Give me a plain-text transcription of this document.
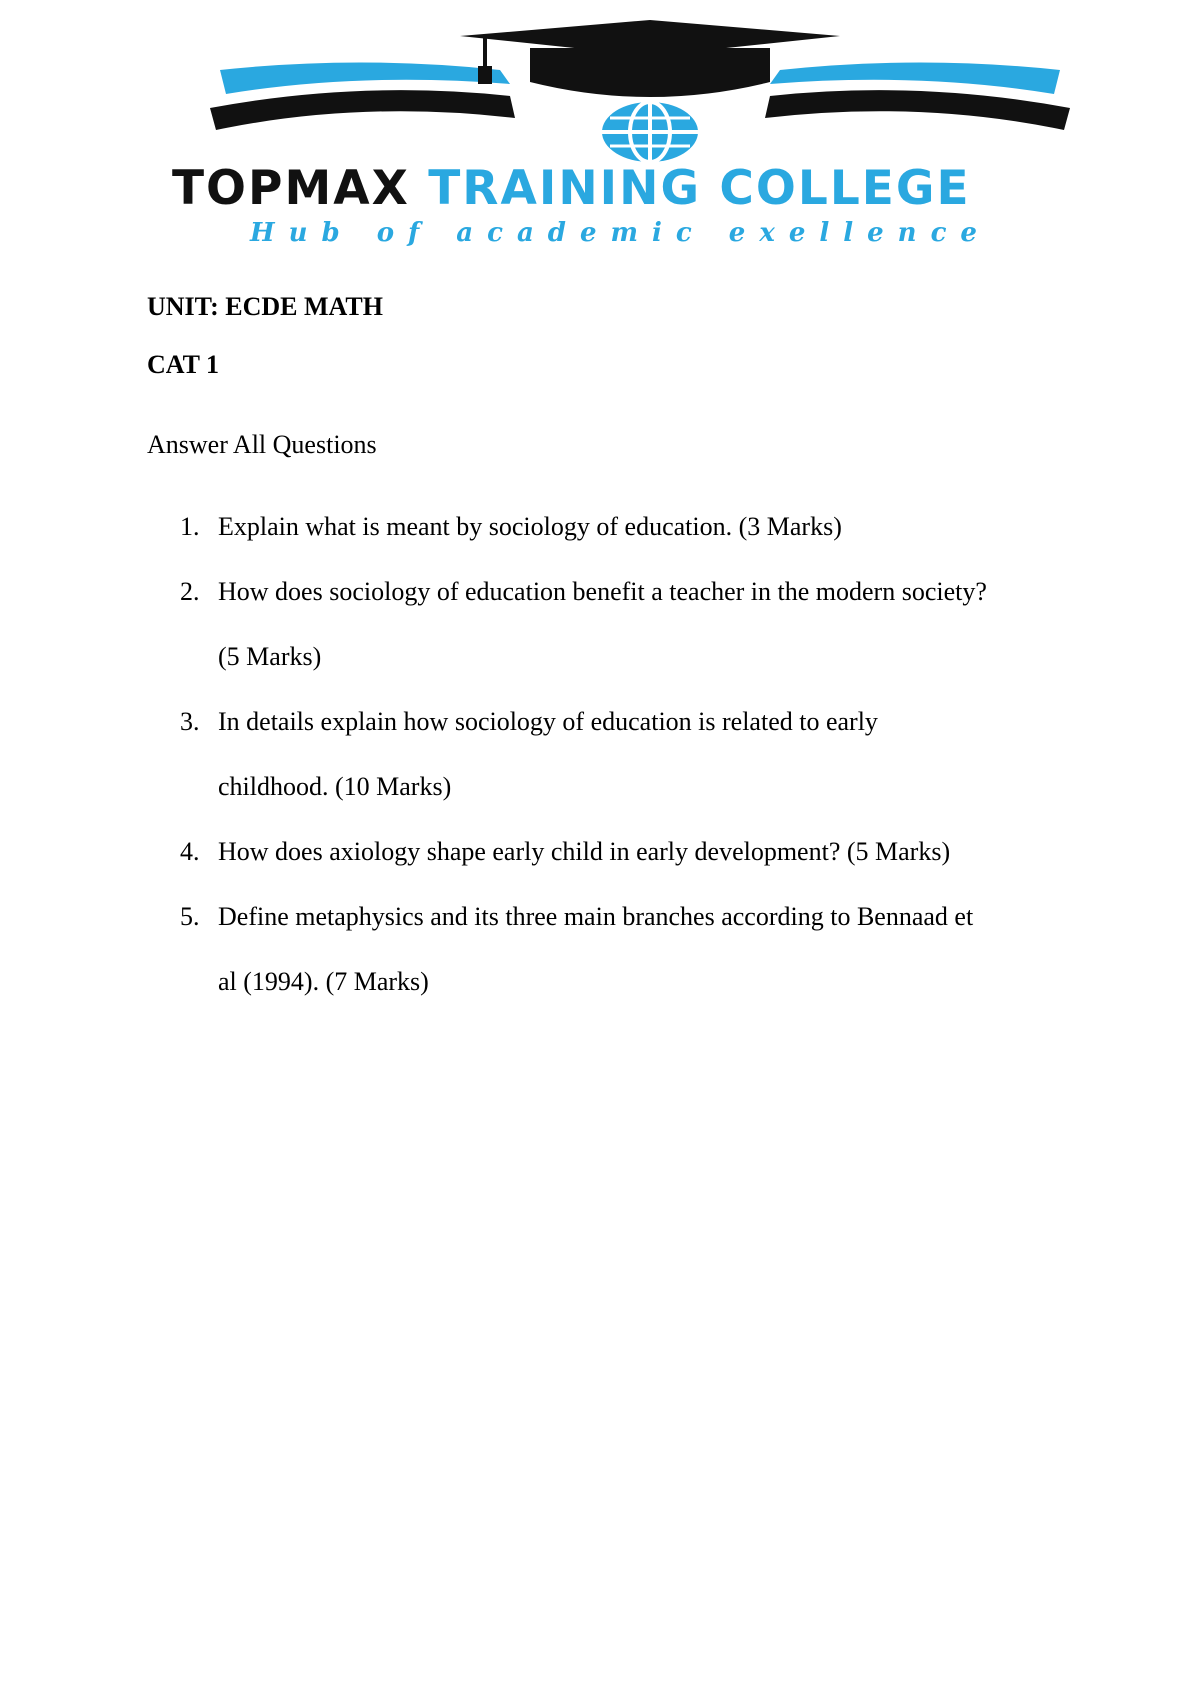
TOPMAX TRAINING COLLEGE
Hub of academic exellence
UNIT: ECDE MATH
CAT 1
Answer All Questions
1. Explain what is meant by sociology of education. (3 Marks)
2. How does sociology of education benefit a teacher in the modern society?
(5 Marks)
3. In details explain how sociology of education is related to early
childhood. (10 Marks)
4. How does axiology shape early child in early development? (5 Marks)
5. Define metaphysics and its three main branches according to Bennaad et
al (1994). (7 Marks)
